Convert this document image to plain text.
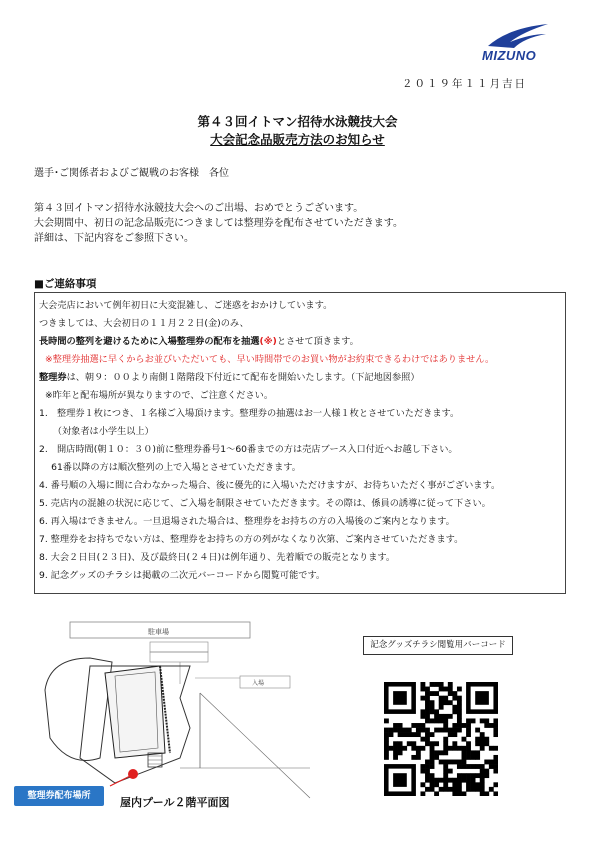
MIZUNO
２０１９年１１月吉日
第４３回イトマン招待水泳競技大会
大会記念品販売方法のお知らせ
選手･ご関係者およびご観戦のお客様　各位
第４３回イトマン招待水泳競技大会へのご出場、おめでとうございます。
大会期間中、初日の記念品販売につきましては整理券を配布させていただきます。
詳細は、下記内容をご参照下さい。
■ご連絡事項
大会売店において例年初日に大変混雑し、ご迷惑をおかけしています。
つきましては、大会初日の１１月２２日(金)のみ、
長時間の整列を避けるために入場整理券の配布を抽選(※)とさせて頂きます。
※整理券抽選に早くからお並びいただいても、早い時間帯でのお買い物がお約束できるわけではありません。
整理券は、朝９：００より南側１階階段下付近にて配布を開始いたします。（下記地図参照）
※昨年と配布場所が異なりますので、ご注意ください。
1.　整理券１枚につき、１名様ご入場頂けます。整理券の抽選はお一人様１枚とさせていただきます。
　　（対象者は小学生以上）
2.　開店時間(朝１０：３０)前に整理券番号1～60番までの方は売店ブース入口付近へお越し下さい。
　 61番以降の方は順次整列の上で入場とさせていただきます。
4. 番号順の入場に間に合わなかった場合、後に優先的に入場いただけますが、お待ちいただく事がございます。
5. 売店内の混雑の状況に応じて、ご入場を制限させていただきます。その際は、係員の誘導に従って下さい。
6. 再入場はできません。一旦退場された場合は、整理券をお持ちの方の入場後のご案内となります。
7. 整理券をお持ちでない方は、整理券をお持ちの方の列がなくなり次第、ご案内させていただきます。
8. 大会２日目(２３日)、及び最終日(２４日)は例年通り、先着順での販売となります。
9. 記念グッズのチラシは掲載の二次元バーコードから閲覧可能です。
駐車場
入場
整理券配布場所	屋内プール２階平面図
記念グッズチラシ閲覧用バーコード
